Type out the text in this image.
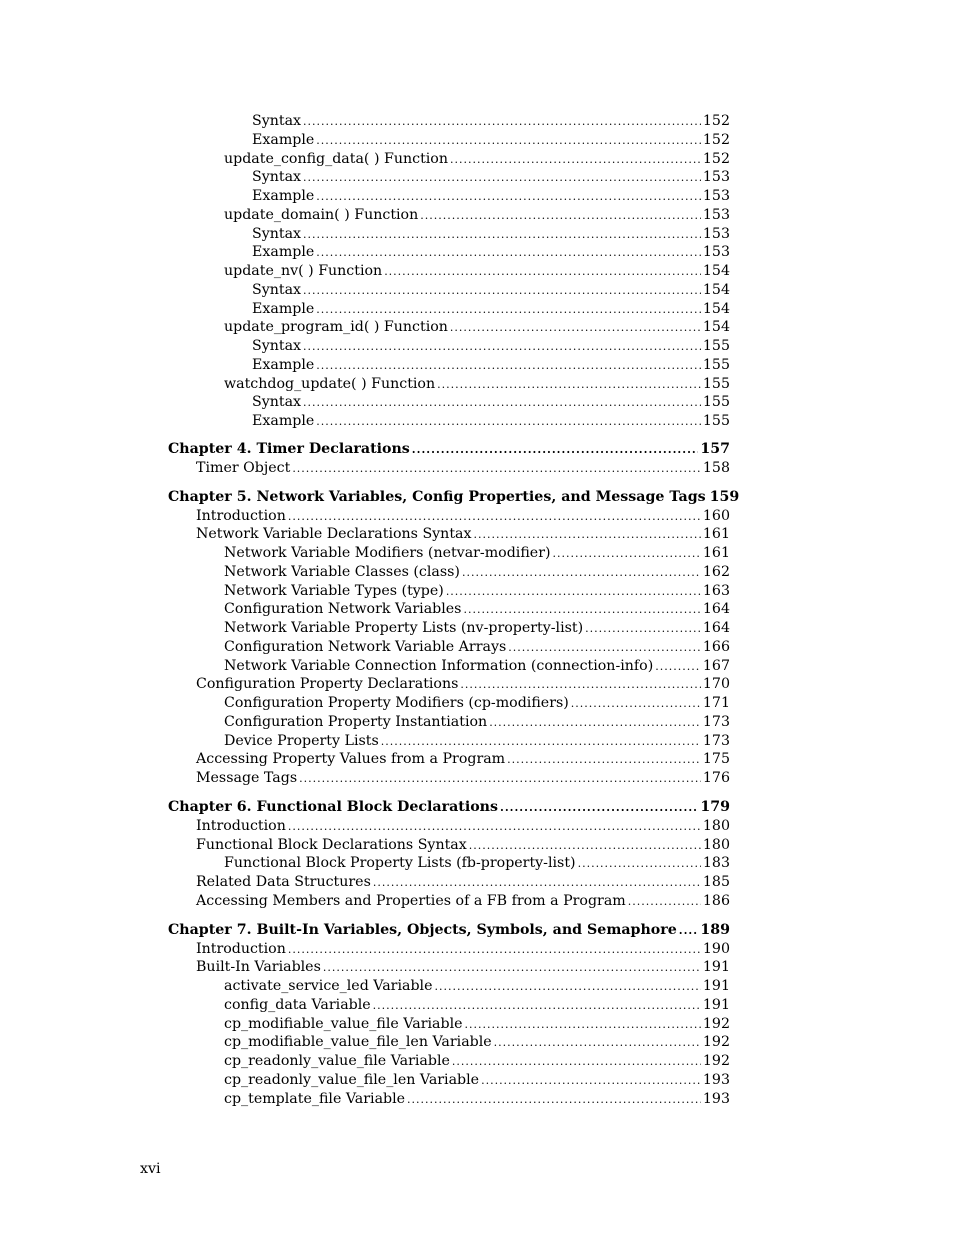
Syntax .....	152
Example .....	152
update_config_data( ) Function .....	152
Syntax .....	153
Example .....	153
update_domain( ) Function .....	153
Syntax .....	153
Example .....	153
update_nv( ) Function .....	154
Syntax .....	154
Example .....	154
update_program_id( ) Function .....	154
Syntax .....	155
Example .....	155
watchdog_update( ) Function .....	155
Syntax .....	155
Example .....	155
Chapter 4. Timer Declarations .....	157
Timer Object .....	158
Chapter 5. Network Variables, Config Properties, and Message Tags 159
Introduction .....	160
Network Variable Declarations Syntax .....	161
Network Variable Modifiers (netvar-modifier) .....	161
Network Variable Classes (class) .....	162
Network Variable Types (type) .....	163
Configuration Network Variables .....	164
Network Variable Property Lists (nv-property-list) .....	164
Configuration Network Variable Arrays .....	166
Network Variable Connection Information (connection-info) .....	167
Configuration Property Declarations .....	170
Configuration Property Modifiers (cp-modifiers) .....	171
Configuration Property Instantiation .....	173
Device Property Lists .....	173
Accessing Property Values from a Program .....	175
Message Tags .....	176
Chapter 6. Functional Block Declarations .....	179
Introduction .....	180
Functional Block Declarations Syntax .....	180
Functional Block Property Lists (fb-property-list) .....	183
Related Data Structures .....	185
Accessing Members and Properties of a FB from a Program .....	186
Chapter 7. Built-In Variables, Objects, Symbols, and Semaphore ..... 189
Introduction .....	190
Built-In Variables .....	191
activate_service_led Variable .....	191
config_data Variable .....	191
cp_modifiable_value_file Variable .....	192
cp_modifiable_value_file_len Variable .....	192
cp_readonly_value_file Variable .....	192
cp_readonly_value_file_len Variable .....	193
cp_template_file Variable .....	193
xvi
